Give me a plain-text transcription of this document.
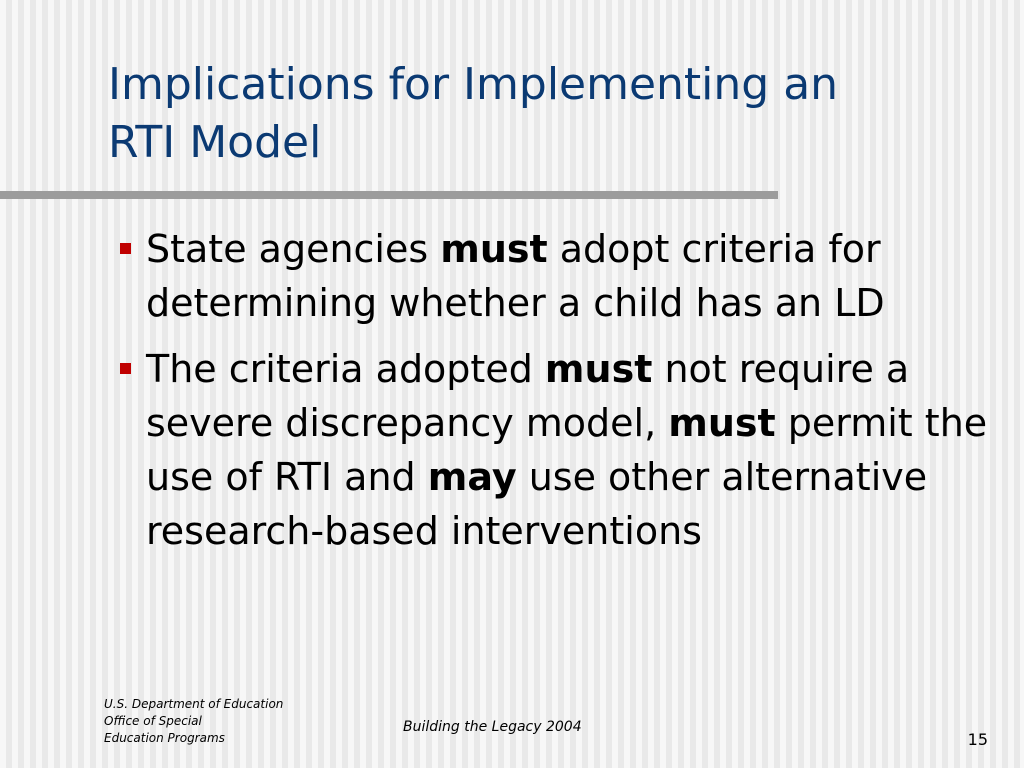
Implications for Implementing an
RTI Model
State agencies must adopt criteria for determining whether a child has an LD
The criteria adopted must not require a severe discrepancy model, must permit the use of RTI and may use other alternative research-based interventions
U.S. Department of Education
Office of Special
Education Programs
Building the Legacy 2004
15
